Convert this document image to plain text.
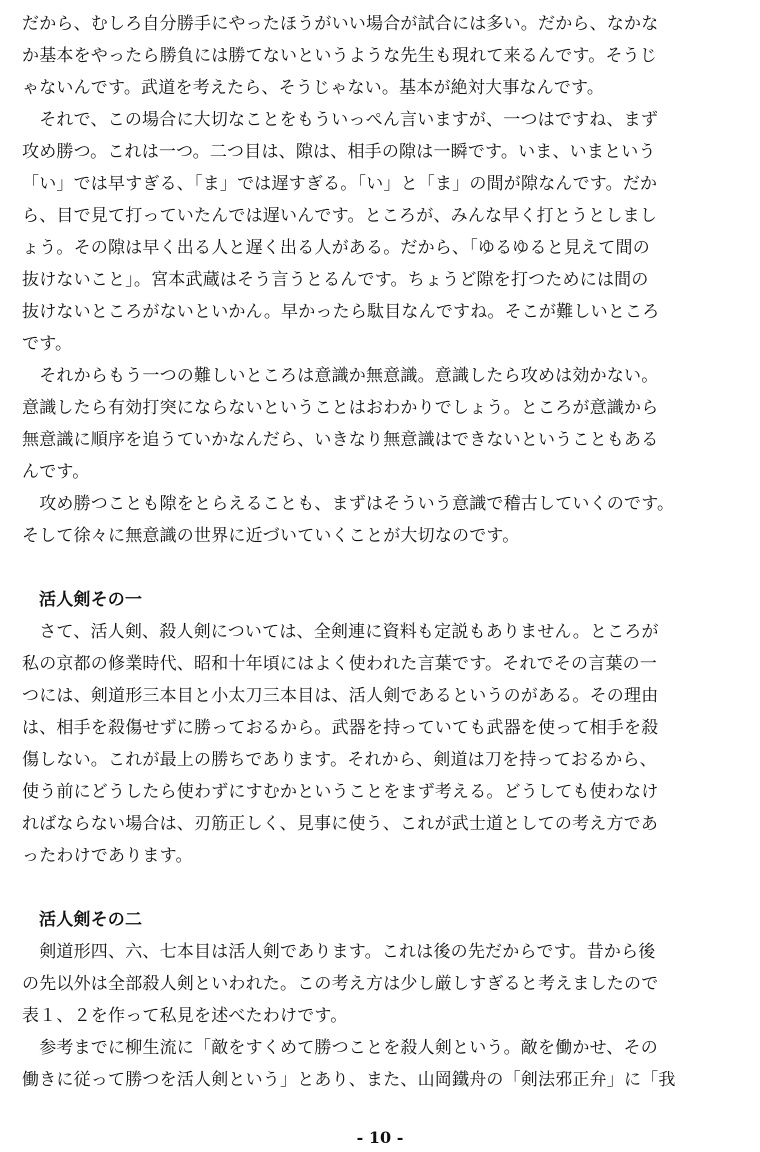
だから、むしろ自分勝手にやったほうがいい場合が試合には多い。だから、なかな
か基本をやったら勝負には勝てないというような先生も現れて来るんです。そうじ
ゃないんです。武道を考えたら、そうじゃない。基本が絶対大事なんです。
　それで、この場合に大切なことをもういっぺん言いますが、一つはですね、まず
攻め勝つ。これは一つ。二つ目は、隙は、相手の隙は一瞬です。いま、いまという
「い」では早すぎる、「ま」では遅すぎる。「い」と「ま」の間が隙なんです。だか
ら、目で見て打っていたんでは遅いんです。ところが、みんな早く打とうとしまし
ょう。その隙は早く出る人と遅く出る人がある。だから、「ゆるゆると見えて間の
抜けないこと」。宮本武蔵はそう言うとるんです。ちょうど隙を打つためには間の
抜けないところがないといかん。早かったら駄目なんですね。そこが難しいところ
です。
　それからもう一つの難しいところは意識か無意識。意識したら攻めは効かない。
意識したら有効打突にならないということはおわかりでしょう。ところが意識から
無意識に順序を追うていかなんだら、いきなり無意識はできないということもある
んです。
　攻め勝つことも隙をとらえることも、まずはそういう意識で稽古していくのです。
そして徐々に無意識の世界に近づいていくことが大切なのです。
活人剣その一
　さて、活人剣、殺人剣については、全剣連に資料も定説もありません。ところが
私の京都の修業時代、昭和十年頃にはよく使われた言葉です。それでその言葉の一
つには、剣道形三本目と小太刀三本目は、活人剣であるというのがある。その理由
は、相手を殺傷せずに勝っておるから。武器を持っていても武器を使って相手を殺
傷しない。これが最上の勝ちであります。それから、剣道は刀を持っておるから、
使う前にどうしたら使わずにすむかということをまず考える。どうしても使わなけ
ればならない場合は、刃筋正しく、見事に使う、これが武士道としての考え方であ
ったわけであります。
活人剣その二
　剣道形四、六、七本目は活人剣であります。これは後の先だからです。昔から後
の先以外は全部殺人剣といわれた。この考え方は少し厳しすぎると考えましたので
表１、２を作って私見を述べたわけです。
　参考までに柳生流に「敵をすくめて勝つことを殺人剣という。敵を働かせ、その
働きに従って勝つを活人剣という」とあり、また、山岡鐵舟の「剣法邪正弁」に「我
- 10 -
